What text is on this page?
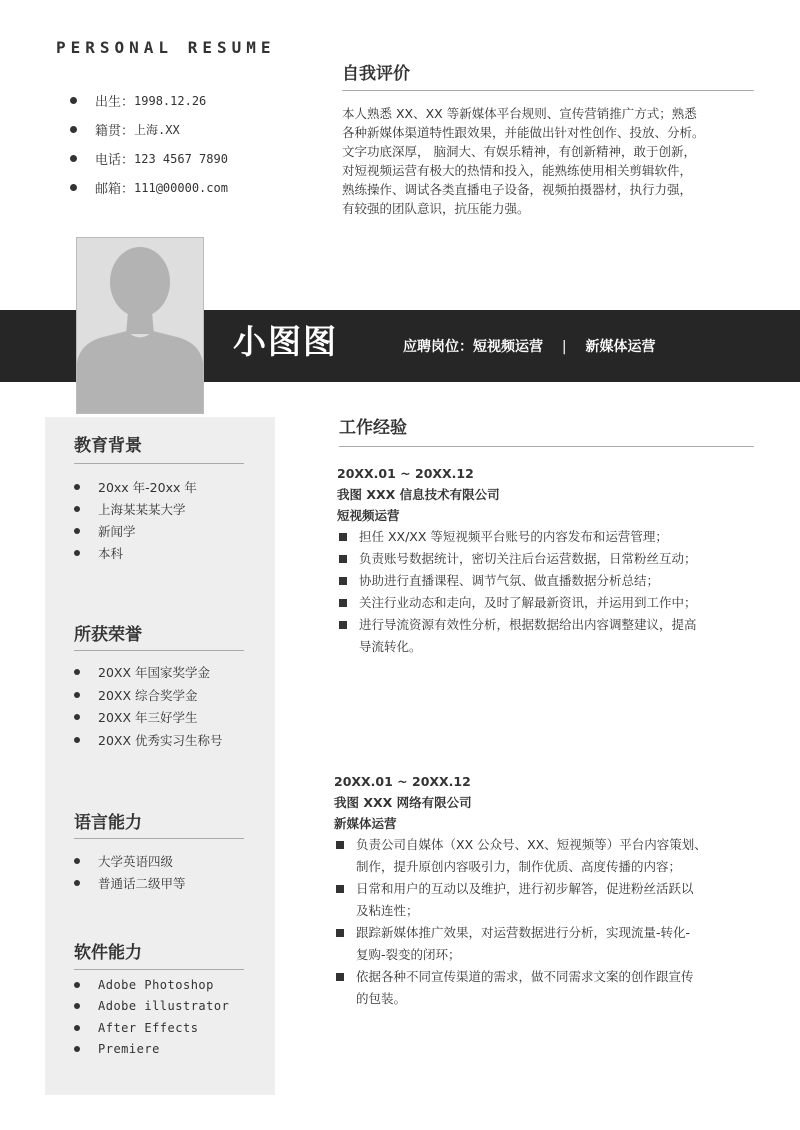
PERSONAL RESUME
出生： 1998.12.26
籍贯： 上海.XX
电话： 123 4567 7890
邮箱： 111@00000.com
自我评价
本人熟悉 XX、XX 等新媒体平台规则、宣传营销推广方式；熟悉
各种新媒体渠道特性跟效果，并能做出针对性创作、投放、分析。
文字功底深厚， 脑洞大、有娱乐精神，有创新精神，敢于创新，
对短视频运营有极大的热情和投入，能熟练使用相关剪辑软件，
熟练操作、调试各类直播电子设备，视频拍摄器材，执行力强，
有较强的团队意识，抗压能力强。
小图图	应聘岗位：短视频运营 | 新媒体运营
教育背景
20xx 年-20xx 年
上海某某某大学
新闻学
本科
所获荣誉
20XX 年国家奖学金
20XX 综合奖学金
20XX 年三好学生
20XX 优秀实习生称号
语言能力
大学英语四级
普通话二级甲等
软件能力
Adobe Photoshop
Adobe illustrator
After Effects
Premiere
工作经验
20XX.01 ~ 20XX.12
我图 XXX 信息技术有限公司
短视频运营
担任 XX/XX 等短视频平台账号的内容发布和运营管理；
负责账号数据统计，密切关注后台运营数据，日常粉丝互动；
协助进行直播课程、调节气氛、做直播数据分析总结；
关注行业动态和走向，及时了解最新资讯，并运用到工作中；
进行导流资源有效性分析，根据数据给出内容调整建议，提高
导流转化。
20XX.01 ~ 20XX.12
我图 XXX 网络有限公司
新媒体运营
负责公司自媒体（XX 公众号、XX、短视频等）平台内容策划、
制作，提升原创内容吸引力，制作优质、高度传播的内容；
日常和用户的互动以及维护，进行初步解答，促进粉丝活跃以
及粘连性；
跟踪新媒体推广效果，对运营数据进行分析，实现流量-转化-
复购-裂变的闭环；
依据各种不同宣传渠道的需求，做不同需求文案的创作跟宣传
的包装。
